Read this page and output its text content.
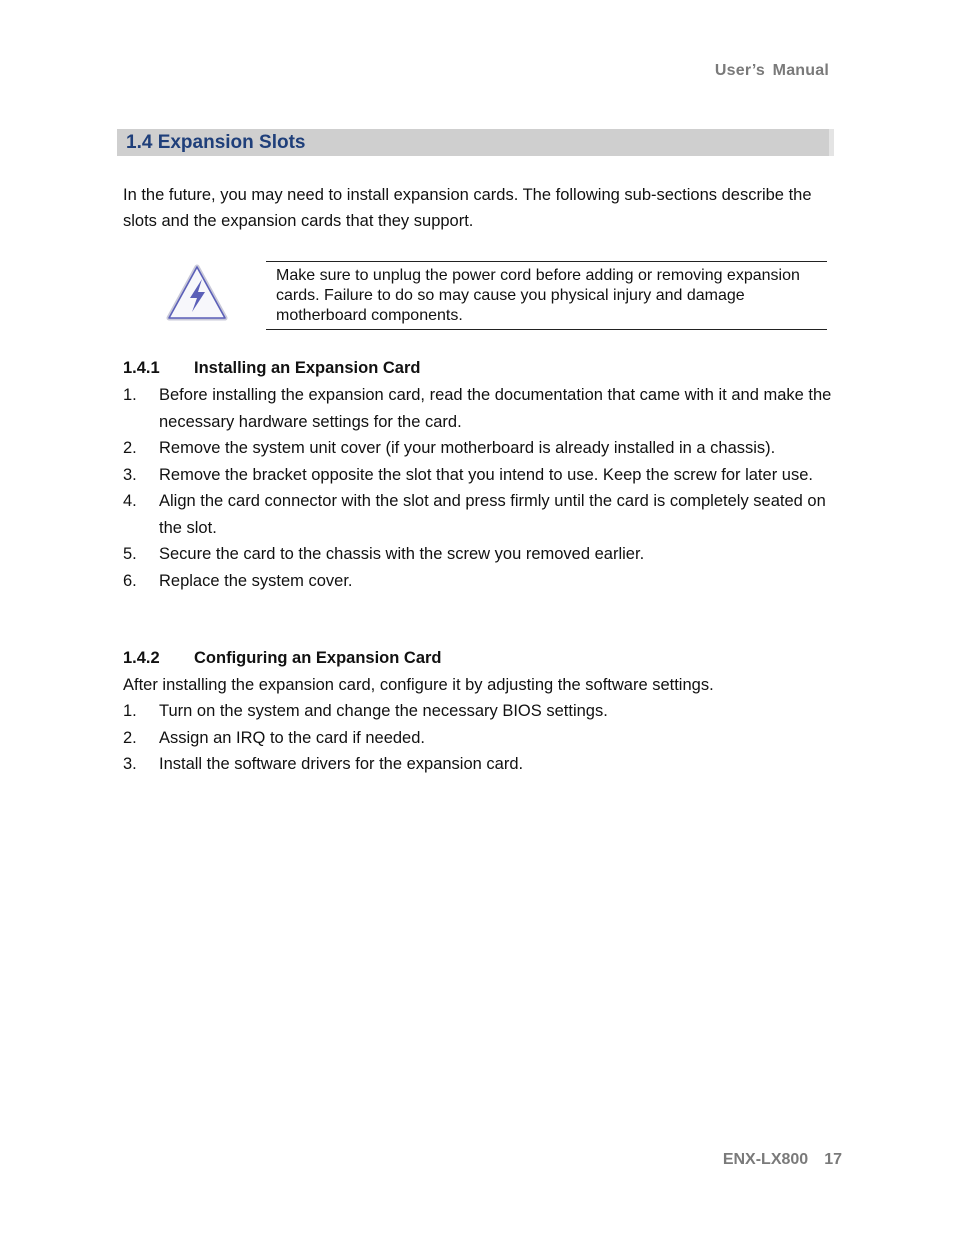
User’s Manual
1.4 Expansion Slots
In the future, you may need to install expansion cards. The following sub‑sections describe the slots and the expansion cards that they support.
Make sure to unplug the power cord before adding or removing expansion cards. Failure to do so may cause you physical injury and damage motherboard components.
1.4.1 Installing an Expansion Card
1. Before installing the expansion card, read the documentation that came with it and make the necessary hardware settings for the card.
2. Remove the system unit cover (if your motherboard is already installed in a chassis).
3. Remove the bracket opposite the slot that you intend to use. Keep the screw for later use.
4. Align the card connector with the slot and press firmly until the card is completely seated on the slot.
5. Secure the card to the chassis with the screw you removed earlier.
6. Replace the system cover.
1.4.2 Configuring an Expansion Card
After installing the expansion card, configure it by adjusting the software settings.
1. Turn on the system and change the necessary BIOS settings.
2. Assign an IRQ to the card if needed.
3. Install the software drivers for the expansion card.
ENX-LX800 17
